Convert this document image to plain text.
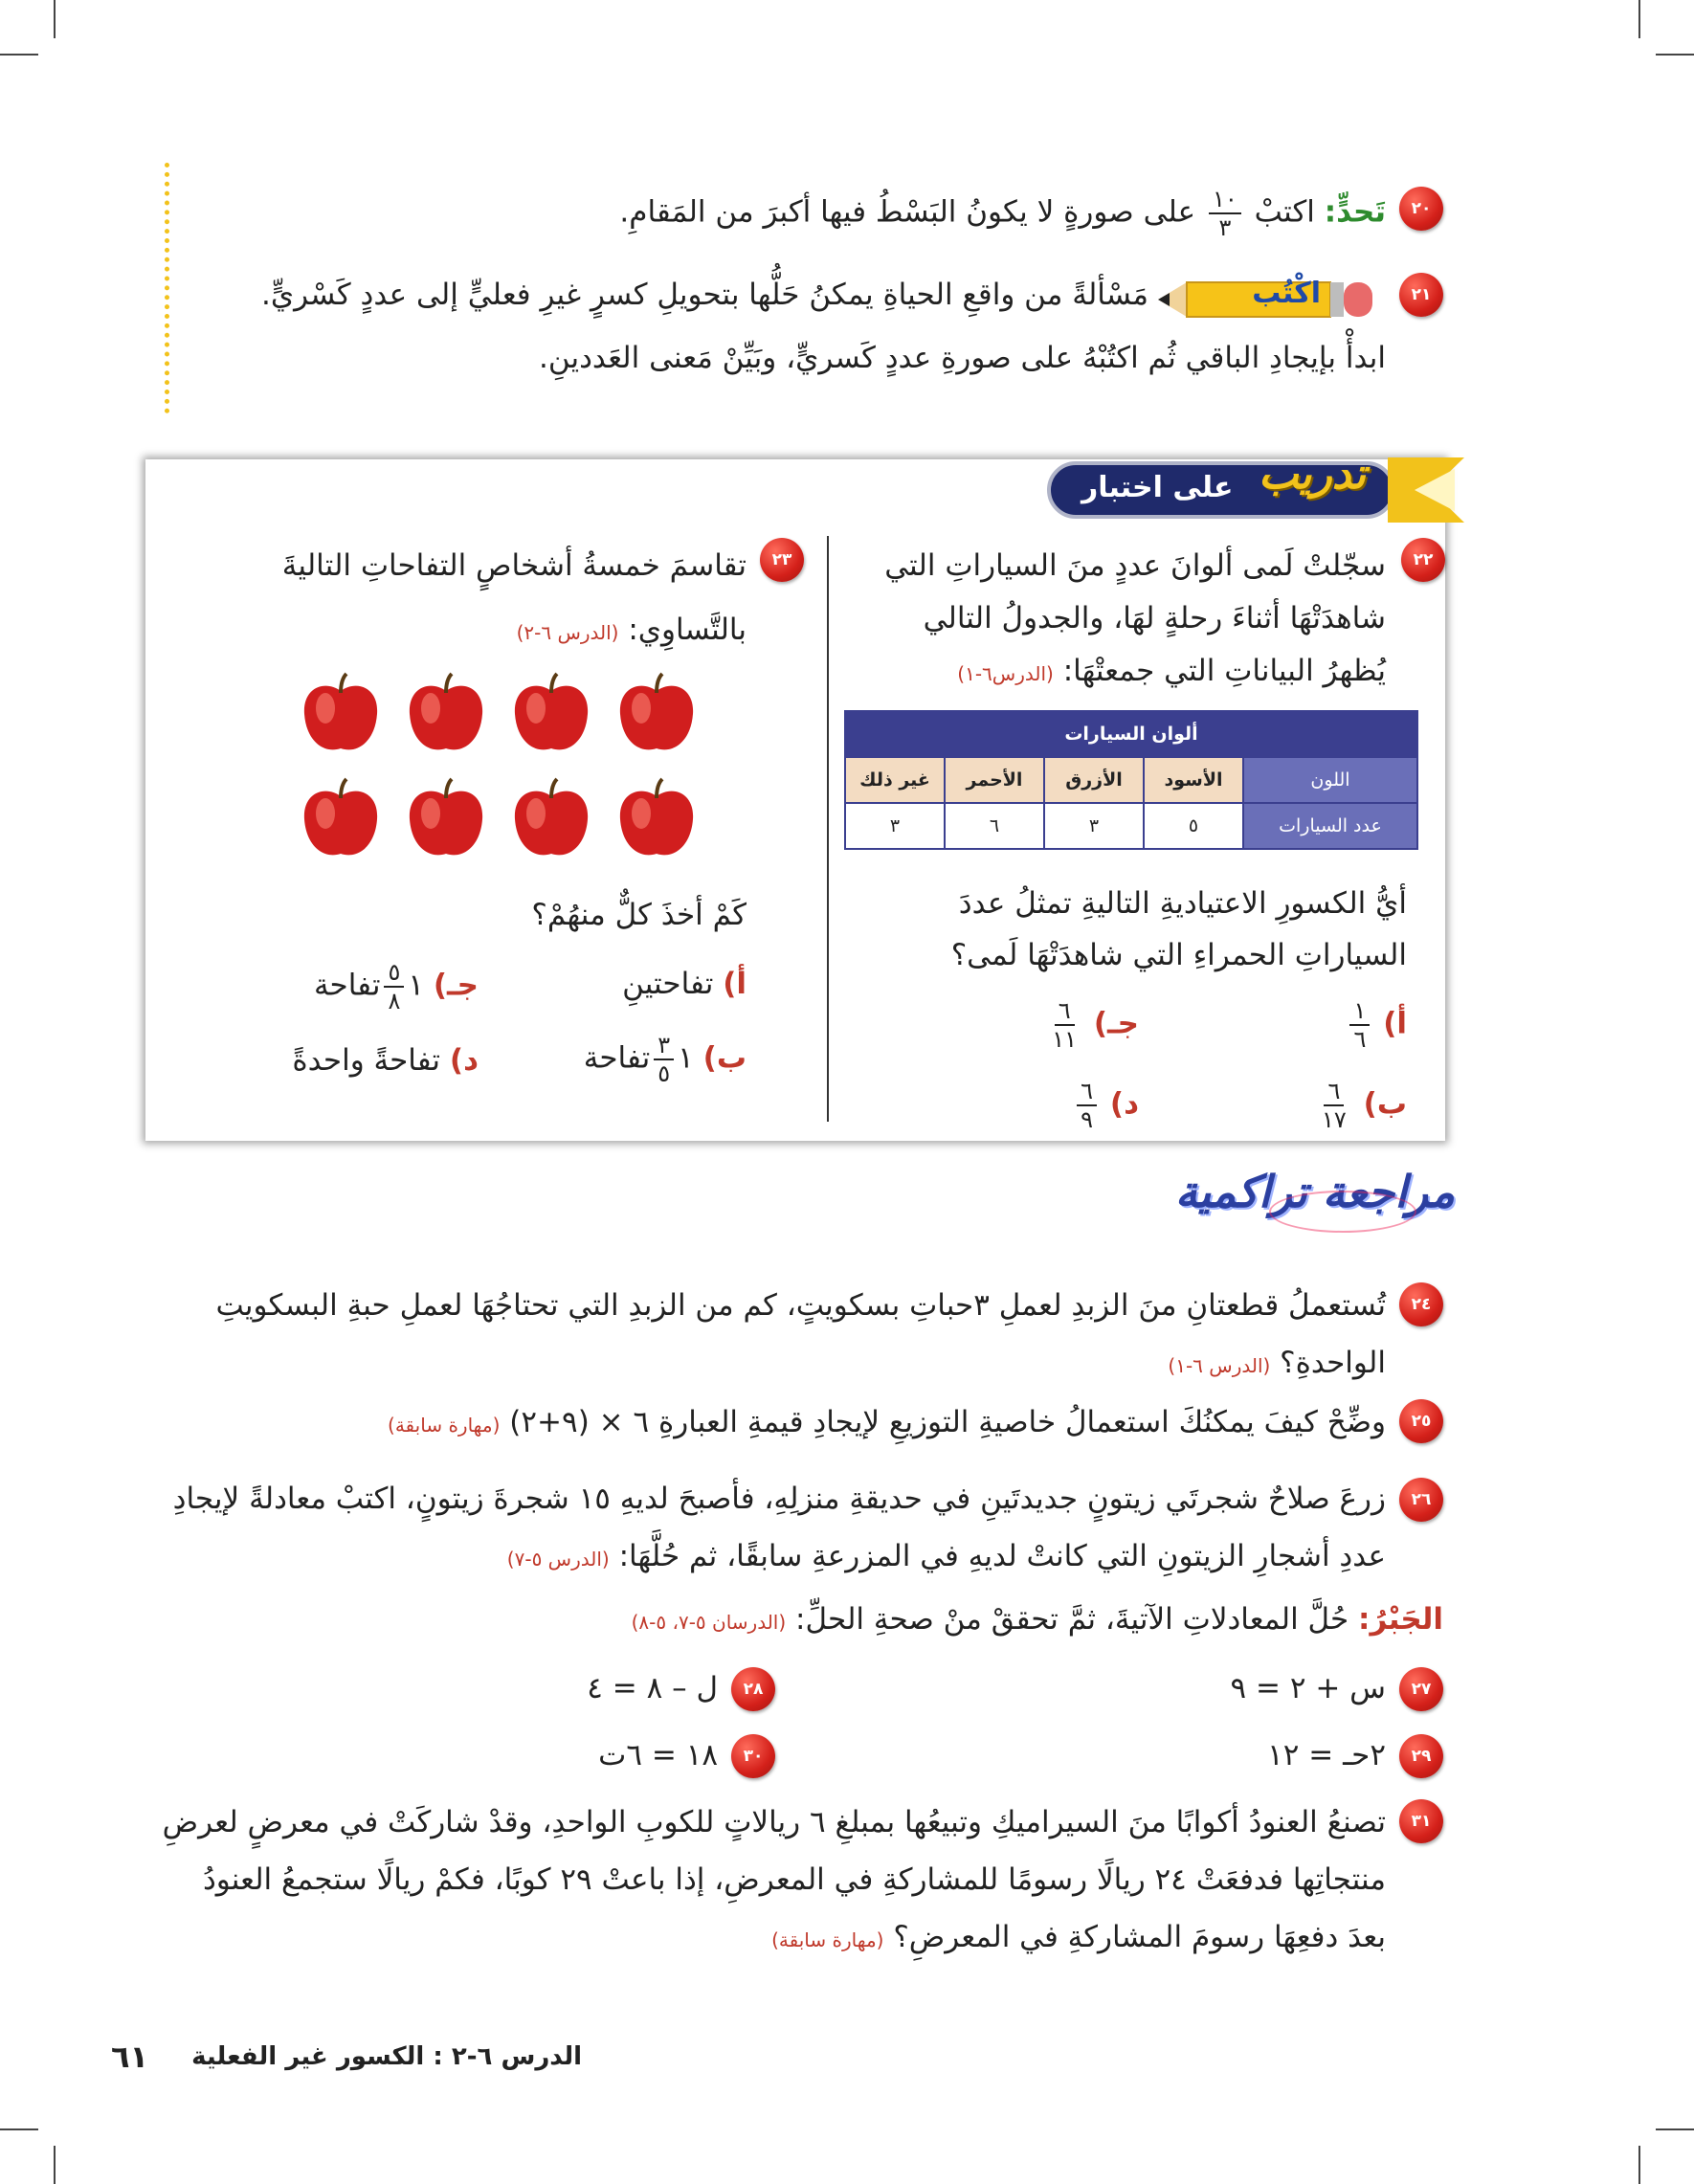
٢٠
تَحدٍّ: اكتبْ
$\frac{١٠}{٣}$
على صورةٍ لا يكونُ البَسْطُ فيها أكبرَ من المَقامِ.
٢١
اكْتُب
مَسْألةً من واقعِ الحياةِ يمكنُ حَلُّها بتحويلِ كسرٍ غيرِ فعليٍّ إلى عددٍ كَسْريٍّ.
ابدأْ بإيجادِ الباقي ثُم اكتُبْهُ على صورةِ عددٍ كَسريٍّ، وبَيِّنْ مَعنى العَددينِ.
تدريب
على اختبار
٢٢
سجّلتْ لَمى ألوانَ عددٍ منَ السياراتِ التي
شاهدَتْهَا أثناءَ رحلةٍ لهَا، والجدولُ التالي
يُظهرُ البياناتِ التي جمعتْهَا: (الدرس٦-١)
ألوان السيارات				
اللون	الأسود	الأزرق	الأحمر	غير ذلك
عدد السيارات	٥	٣	٦	٣
أيُّ الكسورِ الاعتياديةِ التاليةِ تمثلُ عددَ
السياراتِ الحمراءِ التي شاهدَتْهَا لَمى؟
أ)
$\frac{١}{٦}$
جـ)
$\frac{٦}{١١}$
ب)
$\frac{٦}{١٧}$
د)
$\frac{٦}{٩}$
٢٣
تقاسمَ خمسةُ أشخاصٍ التفاحاتِ التاليةَ
بالتَّساوِي: (الدرس ٦-٢)
كَمْ أخذَ كلٌّ منهُمْ؟
أ) تفاحتينِ
جـ) ١
$\frac{٥}{٨}$
تفاحة
ب) ١
$\frac{٣}{٥}$
تفاحة
د) تفاحةً واحدةً
مراجعة تراكمية
٢٤
تُستعملُ قطعتانِ منَ الزبدِ لعملِ ٣حباتِ بسكويتٍ، كم من الزبدِ التي تحتاجُهَا لعملِ حبةِ البسكويتِ
الواحدةِ؟ (الدرس ٦-١)
٢٥
وضِّحْ كيفَ يمكنُكَ استعمالُ خاصيةِ التوزيعِ لإيجادِ قيمةِ العبارةِ ٦ × (٩+٢) (مهارة سابقة)
٢٦
زرعَ صلاحٌ شجرتَي زيتونٍ جديدتَينِ في حديقةِ منزلِهِ، فأصبحَ لديهِ ١٥ شجرةَ زيتونٍ، اكتبْ معادلةً لإيجادِ
عددِ أشجارِ الزيتونِ التي كانتْ لديهِ في المزرعةِ سابقًا، ثم حُلَّهَا: (الدرس ٥-٧)
الجَبْرُ: حُلَّ المعادلاتِ الآتيةَ، ثمَّ تحققْ منْ صحةِ الحلِّ: (الدرسان ٥-٧، ٥-٨)
٢٧
س + ٢ = ٩
٢٨
ل – ٨ = ٤
٢٩
٢حـ = ١٢
٣٠
١٨ = ٦ت
٣١
تصنعُ العنودُ أكوابًا منَ السيراميكِ وتبيعُها بمبلغِ ٦ ريالاتٍ للكوبِ الواحدِ، وقدْ شاركَتْ في معرضٍ لعرضِ
منتجاتِها فدفعَتْ ٢٤ ريالًا رسومًا للمشاركةِ في المعرضِ، إذا باعتْ ٢٩ كوبًا، فكمْ ريالًا ستجمعُ العنودُ
بعدَ دفعِهَا رسومَ المشاركةِ في المعرضِ؟ (مهارة سابقة)
الدرس ٦-٢ : الكسور غير الفعلية
٦١
